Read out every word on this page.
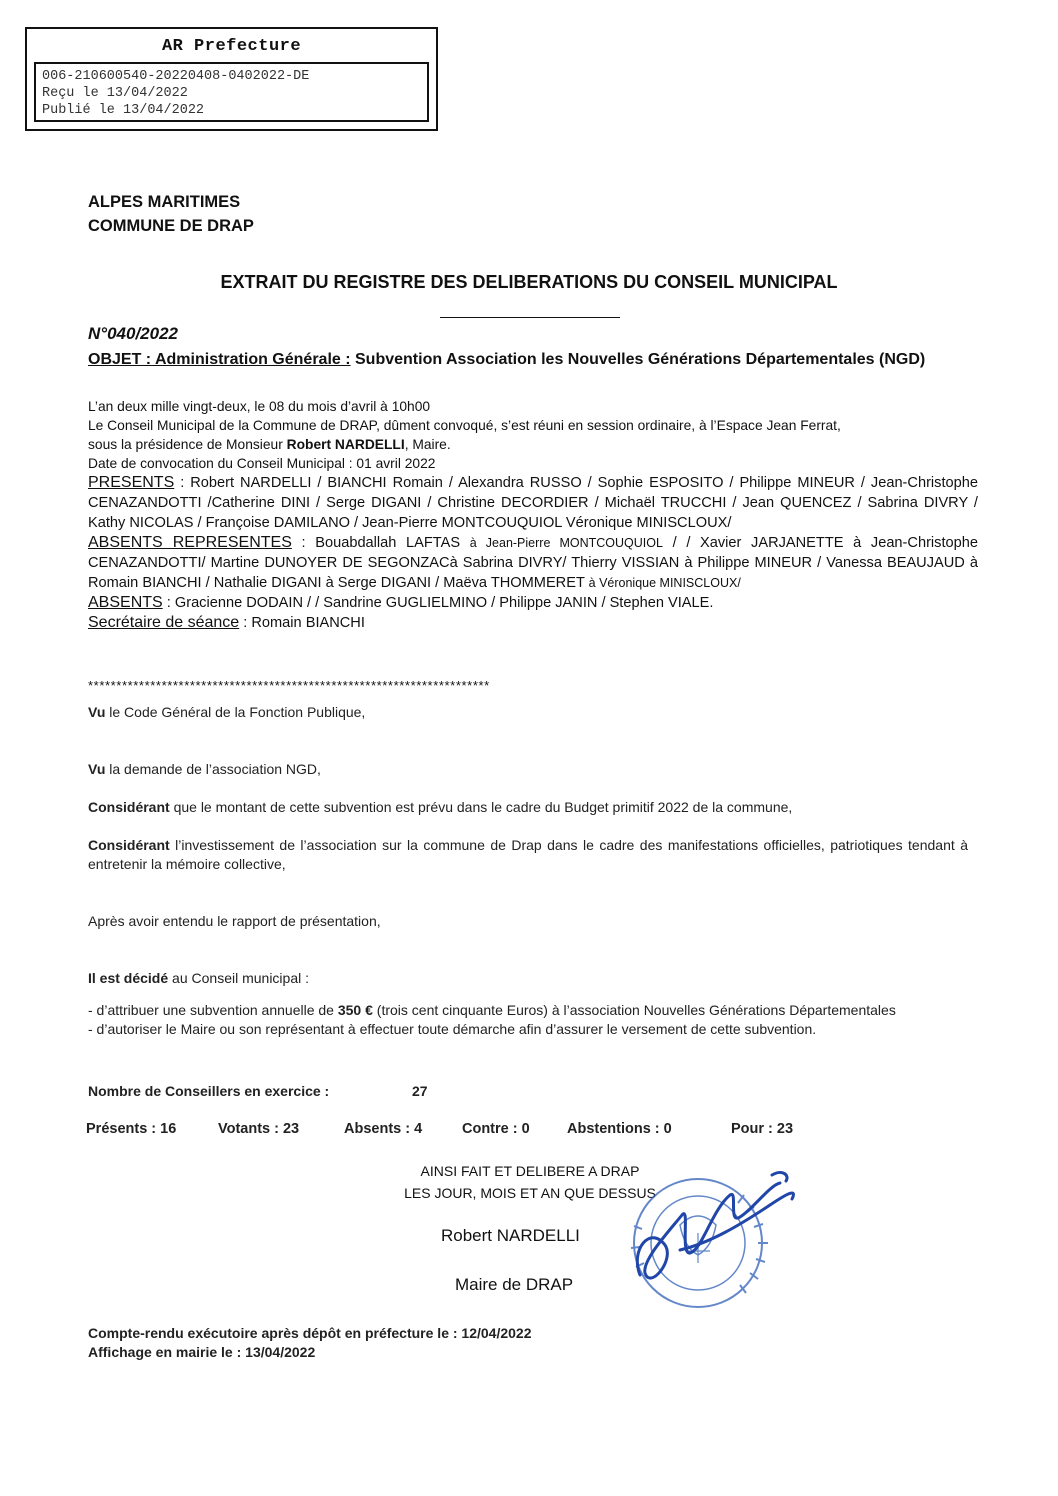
AR Prefecture
006-210600540-20220408-0402022-DE
Reçu le 13/04/2022
Publié le 13/04/2022
ALPES MARITIMES
COMMUNE DE DRAP
EXTRAIT DU REGISTRE DES DELIBERATIONS DU CONSEIL MUNICIPAL
N°040/2022
OBJET : Administration Générale : Subvention Association les Nouvelles Générations Départementales (NGD)
L’an deux mille vingt-deux, le 08 du mois d’avril à 10h00
Le Conseil Municipal de la Commune de DRAP, dûment convoqué, s’est réuni en session ordinaire, à l’Espace Jean Ferrat,
sous la présidence de Monsieur Robert NARDELLI, Maire.
Date de convocation du Conseil Municipal : 01 avril 2022

PRESENTS : Robert NARDELLI / BIANCHI Romain / Alexandra RUSSO / Sophie ESPOSITO / Philippe MINEUR / Jean-Christophe CENAZANDOTTI /Catherine DINI / Serge DIGANI / Christine DECORDIER / Michaël TRUCCHI / Jean QUENCEZ / Sabrina DIVRY / Kathy NICOLAS / Françoise DAMILANO / Jean-Pierre MONTCOUQUIOL Véronique MINISCLOUX/

ABSENTS REPRESENTES : Bouabdallah LAFTAS à Jean-Pierre MONTCOUQUIOL / / Xavier JARJANETTE à Jean-Christophe CENAZANDOTTI/ Martine DUNOYER DE SEGONZACà Sabrina DIVRY/ Thierry VISSIAN à Philippe MINEUR / Vanessa BEAUJAUD à Romain BIANCHI / Nathalie DIGANI à Serge DIGANI / Maëva THOMMERET à Véronique MINISCLOUX/

ABSENTS : Gracienne DODAIN / / Sandrine GUGLIELMINO / Philippe JANIN / Stephen VIALE.

Secrétaire de séance : Romain BIANCHI

***********************************************************************

Vu le Code Général de la Fonction Publique,

Vu la demande de l’association NGD,

Considérant que le montant de cette subvention est prévu dans le cadre du Budget primitif 2022 de la commune,

Considérant l’investissement de l’association sur la commune de Drap dans le cadre des manifestations officielles, patriotiques tendant à entretenir la mémoire collective,

Après avoir entendu le rapport de présentation,

Il est décidé au Conseil municipal :

- d’attribuer une subvention annuelle de 350 € (trois cent cinquante Euros) à l’association Nouvelles Générations Départementales

- d’autoriser le Maire ou son représentant à effectuer toute démarche afin d’assurer le versement de cette subvention.

Nombre de Conseillers en exercice :	27
Présents : 16	Votants : 23	Absents : 4	Contre : 0	Abstentions : 0	Pour : 23
AINSI FAIT ET DELIBERE A DRAP
LES JOUR, MOIS ET AN QUE DESSUS
Robert NARDELLI
Maire de DRAP
Compte-rendu exécutoire après dépôt en préfecture le : 12/04/2022
Affichage en mairie le : 13/04/2022
